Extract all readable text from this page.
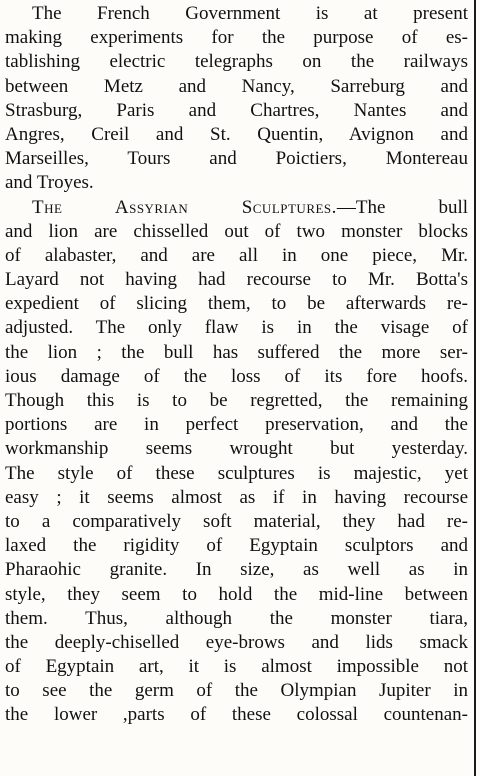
The French Government is at present
making experiments for the purpose of es-
tablishing electric telegraphs on the railways
between Metz and Nancy, Sarreburg and
Strasburg, Paris and Chartres, Nantes and
Angres, Creil and St. Quentin, Avignon and
Marseilles, Tours and Poictiers, Montereau
and Troyes.
The Assyrian Sculptures.—The bull
and lion are chisselled out of two monster blocks
of alabaster, and are all in one piece, Mr.
Layard not having had recourse to Mr. Botta's
expedient of slicing them, to be afterwards re-
adjusted. The only flaw is in the visage of
the lion ; the bull has suffered the more ser-
ious damage of the loss of its fore hoofs.
Though this is to be regretted, the remaining
portions are in perfect preservation, and the
workmanship seems wrought but yesterday.
The style of these sculptures is majestic, yet
easy ; it seems almost as if in having recourse
to a comparatively soft material, they had re-
laxed the rigidity of Egyptain sculptors and
Pharaohic granite. In size, as well as in
style, they seem to hold the mid-line between
them. Thus, although the monster tiara,
the deeply-chiselled eye-brows and lids smack
of Egyptain art, it is almost impossible not
to see the germ of the Olympian Jupiter in
the lower ,parts of these colossal countenan-
